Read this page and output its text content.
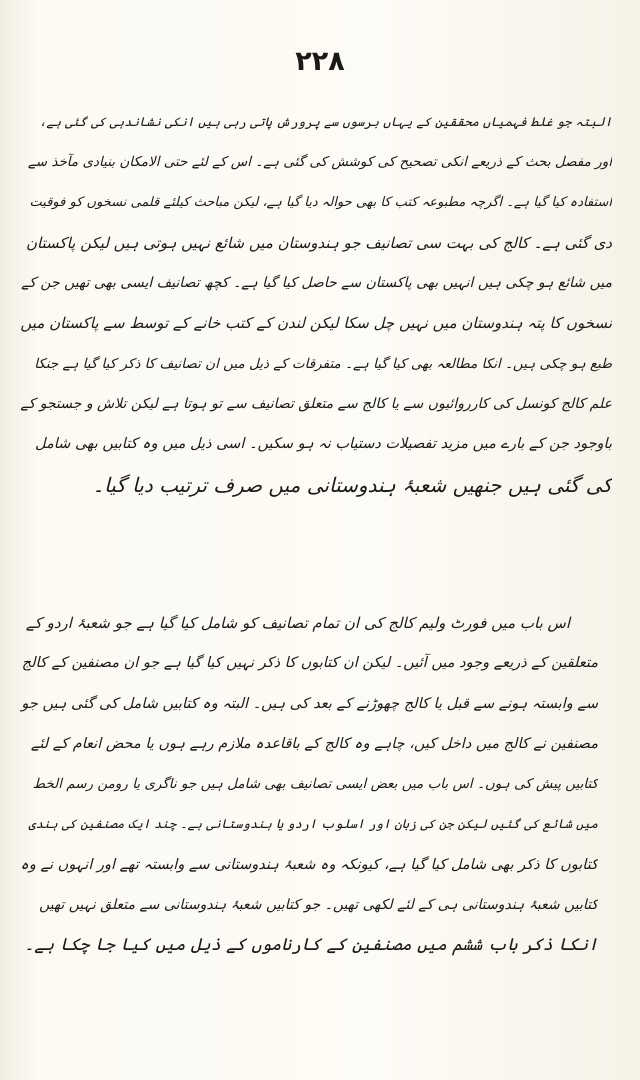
۲۲۸
البتہ جو غلط فہمیاں محققین کے یہاں برسوں سے پرورش پاتی رہی ہیں انکی نشاندہی کی گئی ہے،
اور مفصل بحث کے ذریعے انکی تصحیح کی کوشش کی گئی ہے۔ اس کے لئے حتی الامکان بنیادی مآخذ سے
استفادہ کیا گیا ہے۔ اگرچہ مطبوعہ کتب کا بھی حوالہ دیا گیا ہے، لیکن مباحث کیلئے قلمی نسخوں کو فوقیت
دی گئی ہے۔ کالج کی بہت سی تصانیف جو ہندوستان میں شائع نہیں ہوتی ہیں لیکن پاکستان
میں شائع ہو چکی ہیں انہیں بھی پاکستان سے حاصل کیا گیا ہے۔ کچھ تصانیف ایسی بھی تھیں جن کے
نسخوں کا پتہ ہندوستان میں نہیں چل سکا لیکن لندن کے کتب خانے کے توسط سے پاکستان میں
طبع ہو چکی ہیں۔ انکا مطالعہ بھی کیا گیا ہے۔ متفرقات کے ذیل میں ان تصانیف کا ذکر کیا گیا ہے جنکا
علم کالج کونسل کی کارروائیوں سے یا کالج سے متعلق تصانیف سے تو ہوتا ہے لیکن تلاش و جستجو کے
باوجود جن کے بارے میں مزید تفصیلات دستیاب نہ ہو سکیں۔ اسی ذیل میں وہ کتابیں بھی شامل
کی گئی ہیں جنھیں شعبۂ ہندوستانی میں صرف ترتیب دیا گیا۔
اس باب میں فورٹ ولیم کالج کی ان تمام تصانیف کو شامل کیا گیا ہے جو شعبۂ اردو کے
متعلقین کے ذریعے وجود میں آئیں۔ لیکن ان کتابوں کا ذکر نہیں کیا گیا ہے جو ان مصنفین کے کالج
سے وابستہ ہونے سے قبل یا کالج چھوڑنے کے بعد کی ہیں۔ البتہ وہ کتابیں شامل کی گئی ہیں جو
مصنفین نے کالج میں داخل کیں، چاہے وہ کالج کے باقاعدہ ملازم رہے ہوں یا محض انعام کے لئے
کتابیں پیش کی ہوں۔ اس باب میں بعض ایسی تصانیف بھی شامل ہیں جو ناگری یا رومن رسم الخط
میں شائع کی گئیں لیکن جن کی زبان اور اسلوب اردو یا ہندوستانی ہے۔ چند ایک مصنفین کی ہندی
کتابوں کا ذکر بھی شامل کیا گیا ہے، کیونکہ وہ شعبۂ ہندوستانی سے وابستہ تھے اور انہوں نے وہ
کتابیں شعبۂ ہندوستانی ہی کے لئے لکھی تھیں۔ جو کتابیں شعبۂ ہندوستانی سے متعلق نہیں تھیں
انکا ذکر باب ششم میں مصنفین کے کارناموں کے ذیل میں کیا جا چکا ہے۔
